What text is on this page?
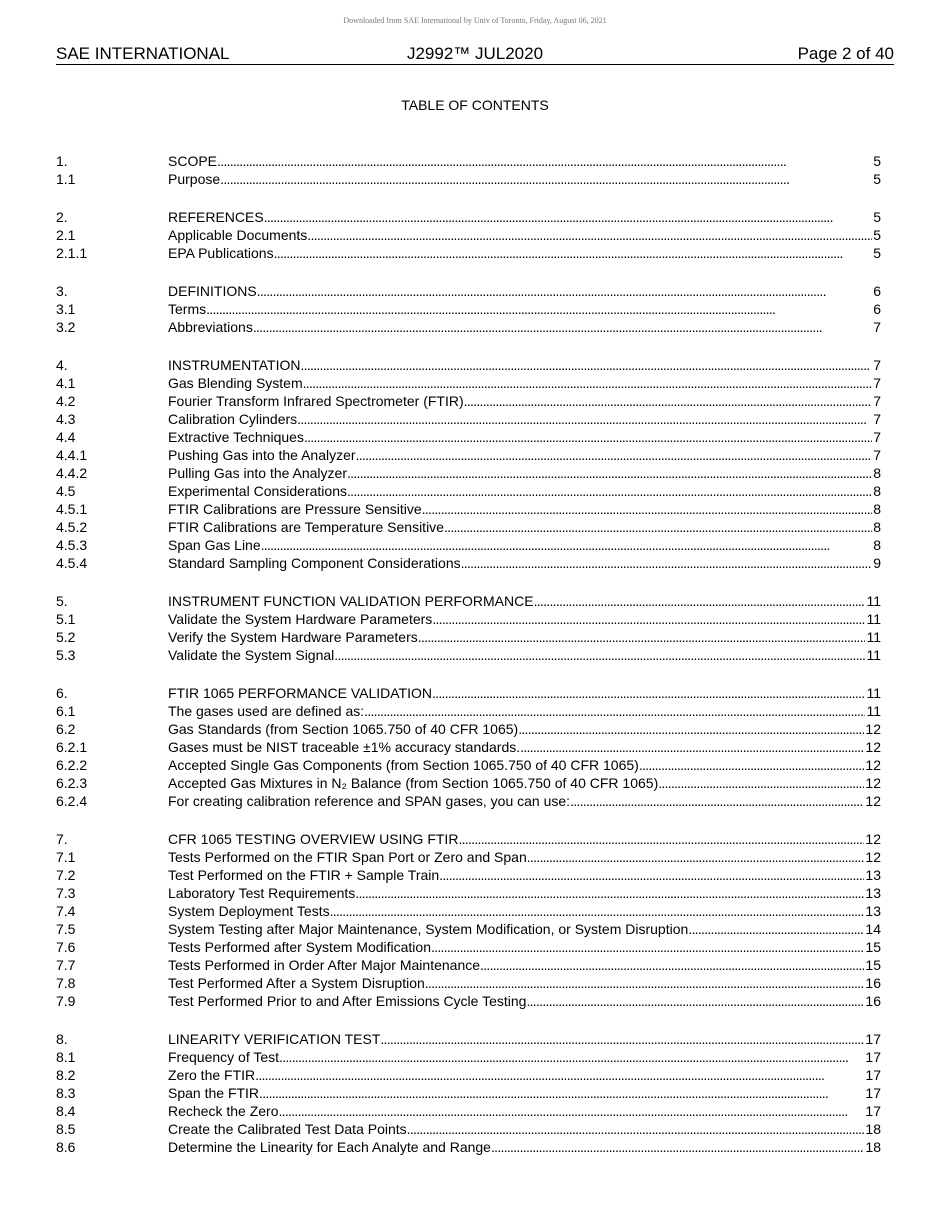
Downloaded from SAE International by Univ of Toronto, Friday, August 06, 2021
SAE INTERNATIONAL	J2992™ JUL2020	Page 2 of 40
TABLE OF CONTENTS
1.	SCOPE . . .	5
1.1	Purpose . . .	5
2.	REFERENCES . . .	5
2.1	Applicable Documents . . .	5
2.1.1	EPA Publications . . .	5
3.	DEFINITIONS . . .	6
3.1	Terms . . .	6
3.2	Abbreviations . . .	7
4.	INSTRUMENTATION . . .	7
4.1	Gas Blending System . . .	7
4.2	Fourier Transform Infrared Spectrometer (FTIR) . . .	7
4.3	Calibration Cylinders . . .	7
4.4	Extractive Techniques . . .	7
4.4.1	Pushing Gas into the Analyzer . . .	7
4.4.2	Pulling Gas into the Analyzer . . .	8
4.5	Experimental Considerations . . .	8
4.5.1	FTIR Calibrations are Pressure Sensitive . . .	8
4.5.2	FTIR Calibrations are Temperature Sensitive . . .	8
4.5.3	Span Gas Line . . .	8
4.5.4	Standard Sampling Component Considerations . . .	9
5.	INSTRUMENT FUNCTION VALIDATION PERFORMANCE . . .	11
5.1	Validate the System Hardware Parameters . . .	11
5.2	Verify the System Hardware Parameters . . .	11
5.3	Validate the System Signal . . .	11
6.	FTIR 1065 PERFORMANCE VALIDATION . . .	11
6.1	The gases used are defined as: . . .	11
6.2	Gas Standards (from Section 1065.750 of 40 CFR 1065) . . .	12
6.2.1	Gases must be NIST traceable ±1% accuracy standards. . . .	12
6.2.2	Accepted Single Gas Components (from Section 1065.750 of 40 CFR 1065) . . .	12
6.2.3	Accepted Gas Mixtures in N₂ Balance (from Section 1065.750 of 40 CFR 1065) . . .	12
6.2.4	For creating calibration reference and SPAN gases, you can use: . . .	12
7.	CFR 1065 TESTING OVERVIEW USING FTIR . . .	12
7.1	Tests Performed on the FTIR Span Port or Zero and Span . . .	12
7.2	Test Performed on the FTIR + Sample Train . . .	13
7.3	Laboratory Test Requirements . . .	13
7.4	System Deployment Tests . . .	13
7.5	System Testing after Major Maintenance, System Modification, or System Disruption . . .	14
7.6	Tests Performed after System Modification . . .	15
7.7	Tests Performed in Order After Major Maintenance . . .	15
7.8	Test Performed After a System Disruption . . .	16
7.9	Test Performed Prior to and After Emissions Cycle Testing . . .	16
8.	LINEARITY VERIFICATION TEST . . .	17
8.1	Frequency of Test . . .	17
8.2	Zero the FTIR . . .	17
8.3	Span the FTIR . . .	17
8.4	Recheck the Zero . . .	17
8.5	Create the Calibrated Test Data Points . . .	18
8.6	Determine the Linearity for Each Analyte and Range . . .	18
